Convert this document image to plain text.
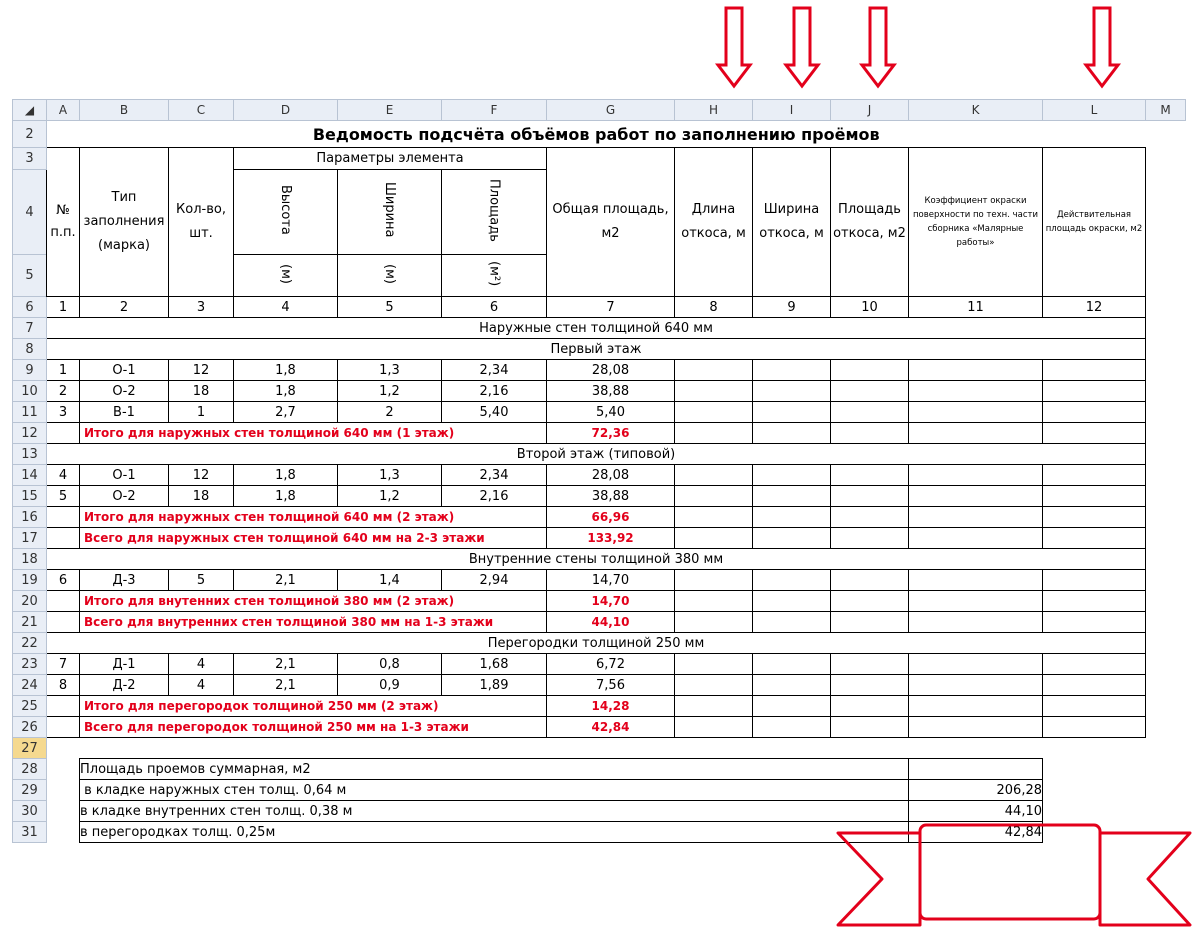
◢	A	B	C	D	E	F	G	H	I	J	K	L	M
2	Ведомость подсчёта объёмов работ по заполнению проёмов												
3	№ п.п.	Тип заполнения (марка)	Кол-во, шт.	Параметры элемента			Общая площадь, м2	Длина откоса, м	Ширина откоса, м	Площадь откоса, м2	Коэффициент окраски поверхности по техн. части сборника «Малярные работы»	Действительная площадь окраски, м2	
4				Высота	Ширина	Площадь							
5				(м)	(м)	(м²)							
6	1	2	3	4	5	6	7	8	9	10	11	12	
7	Наружные стен толщиной 640 мм												
8	Первый этаж												
9	1	О-1	12	1,8	1,3	2,34	28,08						
10	2	О-2	18	1,8	1,2	2,16	38,88						
11	3	В-1	1	2,7	2	5,40	5,40						
12		Итого для наружных стен толщиной 640 мм (1 этаж)					72,36						
13	Второй этаж (типовой)												
14	4	О-1	12	1,8	1,3	2,34	28,08						
15	5	О-2	18	1,8	1,2	2,16	38,88						
16		Итого для наружных стен толщиной 640 мм (2 этаж)					66,96						
17		Всего для наружных стен толщиной 640 мм на 2-3 этажи					133,92						
18	Внутренние стены толщиной 380 мм												
19	6	Д-3	5	2,1	1,4	2,94	14,70						
20		Итого для внутенних стен толщиной 380 мм (2 этаж)					14,70						
21		Всего для внутренних стен толщиной 380 мм на 1-3 этажи					44,10						
22	Перегородки толщиной 250 мм												
23	7	Д-1	4	2,1	0,8	1,68	6,72						
24	8	Д-2	4	2,1	0,9	1,89	7,56						
25		Итого для перегородок толщиной 250 мм (2 этаж)					14,28						
26		Всего для перегородок толщиной 250 мм на 1-3 этажи					42,84						
27													
28		Площадь проемов суммарная, м2											
29		в кладке наружных стен толщ. 0,64 м									206,28		
30		в кладке внутренних стен толщ. 0,38 м									44,10		
31		в перегородках толщ. 0,25м									42,84		
